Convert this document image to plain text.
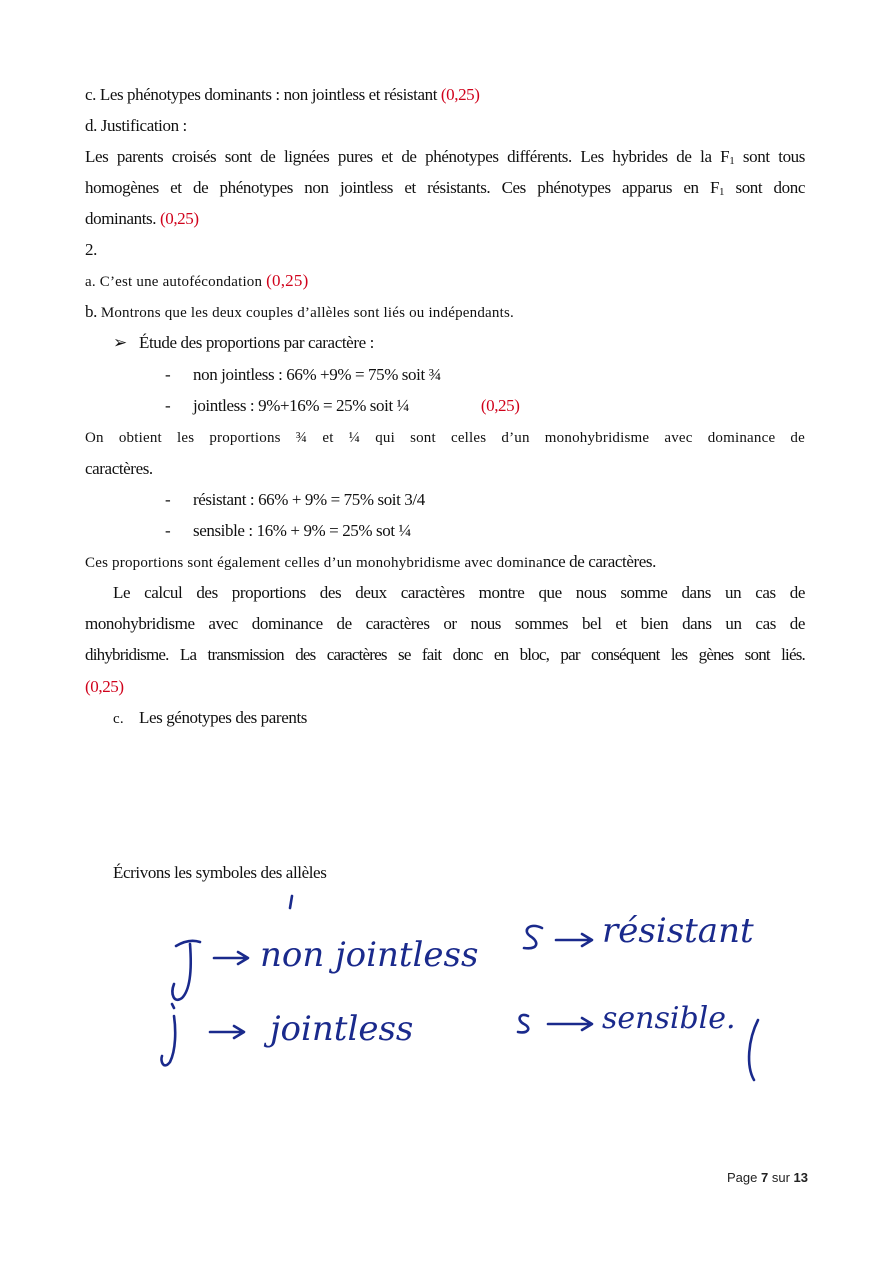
c. Les phénotypes dominants : non jointless et résistant (0,25)
d. Justification :
Les parents croisés sont de lignées pures et de phénotypes différents. Les hybrides de la F1 sont tous
homogènes et de phénotypes non jointless et résistants. Ces phénotypes apparus en F1 sont donc
dominants. (0,25)
2.
a. C’est une autofécondation (0,25)
b. Montrons que les deux couples d’allèles sont liés ou indépendants.
➢ Étude des proportions par caractère :
- non jointless : 66% +9% = 75% soit ¾
- jointless : 9%+16% = 25% soit ¼	(0,25)
On obtient les proportions ¾ et ¼ qui sont celles d’un monohybridisme avec dominance de
caractères.
- résistant : 66% + 9% = 75% soit 3/4
- sensible : 16% + 9% = 25% sot ¼
Ces proportions sont également celles d’un monohybridisme avec dominance de caractères.
Le calcul des proportions des deux caractères montre que nous somme dans un cas de
monohybridisme avec dominance de caractères or nous sommes bel et bien dans un cas de
dihybridisme. La transmission des caractères se fait donc en bloc, par conséquent les gènes sont liés.
(0,25)
c. Les génotypes des parents
Écrivons les symboles des allèles
non jointless
jointless
résistant
sensible.
Page 7 sur 13
